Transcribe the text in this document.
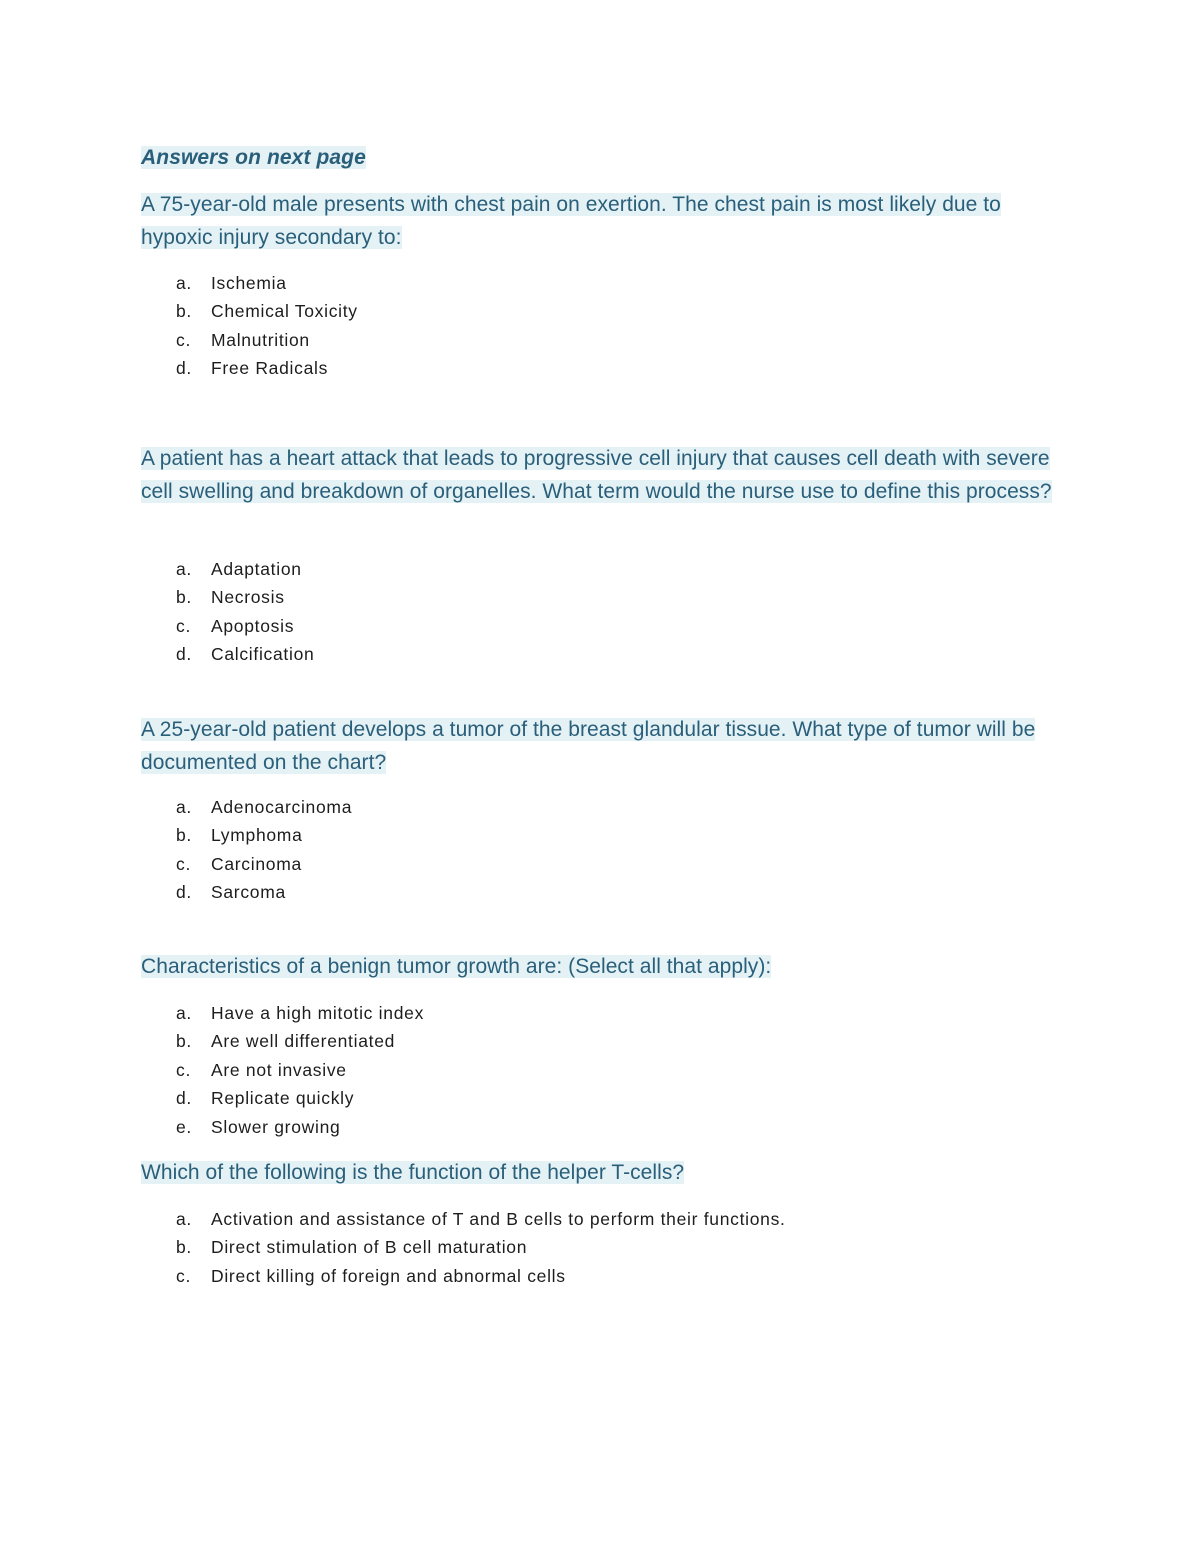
Answers on next page

A 75-year-old male presents with chest pain on exertion. The chest pain is most likely due to hypoxic injury secondary to:

a.	Ischemia
b.	Chemical Toxicity
c.	Malnutrition
d.	Free Radicals

A patient has a heart attack that leads to progressive cell injury that causes cell death with severe cell swelling and breakdown of organelles. What term would the nurse use to define this process?

a.	Adaptation
b.	Necrosis
c.	Apoptosis
d.	Calcification

A 25-year-old patient develops a tumor of the breast glandular tissue. What type of tumor will be documented on the chart?

a.	Adenocarcinoma
b.	Lymphoma
c.	Carcinoma
d.	Sarcoma

Characteristics of a benign tumor growth are: (Select all that apply):

a.	Have a high mitotic index
b.	Are well differentiated
c.	Are not invasive
d.	Replicate quickly
e.	Slower growing

Which of the following is the function of the helper T-cells?

a.	Activation and assistance of T and B cells to perform their functions.
b.	Direct stimulation of B cell maturation
c.	Direct killing of foreign and abnormal cells
